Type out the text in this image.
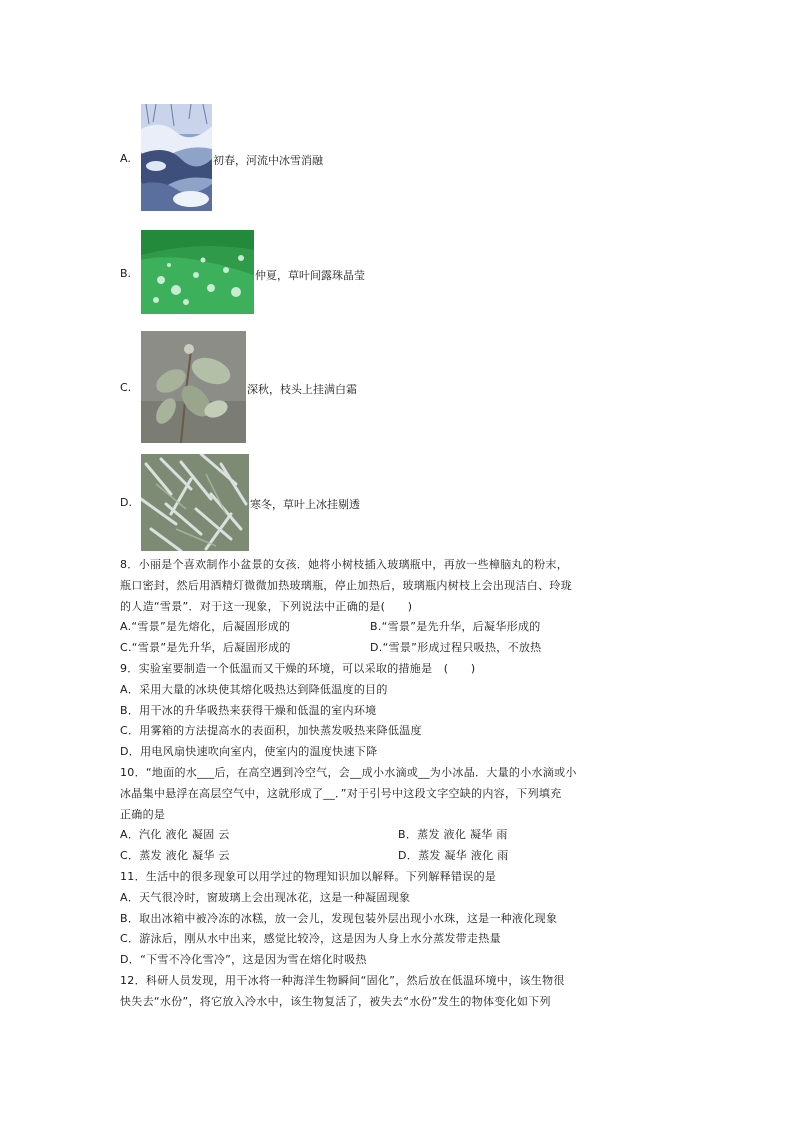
A.	初春，河流中冰雪消融
B.	仲夏，草叶间露珠晶莹
C.	深秋，枝头上挂满白霜
D.	寒冬，草叶上冰挂剔透
8．小丽是个喜欢制作小盆景的女孩．她将小树枝插入玻璃瓶中，再放一些樟脑丸的粉末，
瓶口密封，然后用酒精灯微微加热玻璃瓶，停止加热后，玻璃瓶内树枝上会出现洁白、玲珑
的人造“雪景”．对于这一现象，下列说法中正确的是(　　)
A.“雪景”是先熔化，后凝固形成的	B.“雪景”是先升华，后凝华形成的
C.“雪景”是先升华，后凝固形成的	D.“雪景”形成过程只吸热，不放热
9．实验室要制造一个低温而又干燥的环境，可以采取的措施是　(　　)
A．采用大量的冰块使其熔化吸热达到降低温度的目的
B．用干冰的升华吸热来获得干燥和低温的室内环境
C．用雾箱的方法提高水的表面积，加快蒸发吸热来降低温度
D．用电风扇快速吹向室内，使室内的温度快速下降
10．“地面的水___后，在高空遇到冷空气，会__成小水滴或__为小冰晶．大量的小水滴或小
冰晶集中悬浮在高层空气中，这就形成了__．”对于引号中这段文字空缺的内容，下列填充
正确的是
A．汽化 液化 凝固 云	B．蒸发 液化 凝华 雨
C．蒸发 液化 凝华 云	D．蒸发 凝华 液化 雨
11．生活中的很多现象可以用学过的物理知识加以解释。下列解释错误的是
A．天气很冷时，窗玻璃上会出现冰花，这是一种凝固现象
B．取出冰箱中被冷冻的冰糕，放一会儿，发现包装外层出现小水珠，这是一种液化现象
C．游泳后，刚从水中出来，感觉比较冷，这是因为人身上水分蒸发带走热量
D．“下雪不冷化雪冷”，这是因为雪在熔化时吸热
12．科研人员发现，用干冰将一种海洋生物瞬间“固化”，然后放在低温环境中，该生物很
快失去“水份”，将它放入冷水中，该生物复活了，被失去“水份”发生的物体变化如下列
